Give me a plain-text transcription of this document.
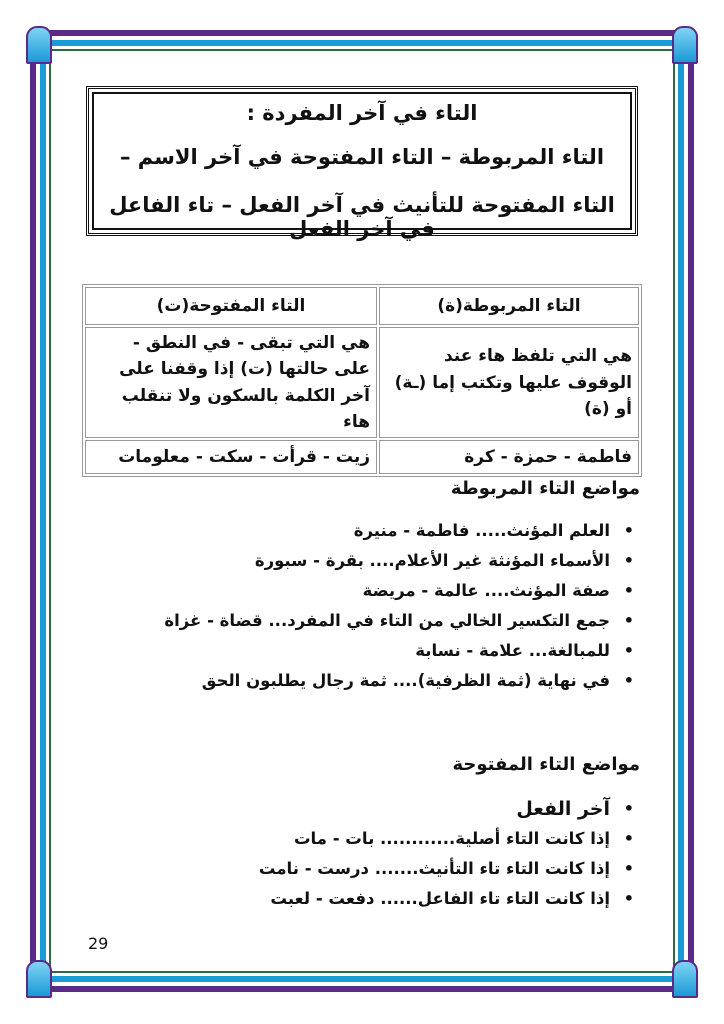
التاء في آخر المفردة :
التاء المربوطة – التاء المفتوحة في آخر الاسم –
التاء المفتوحة للتأنيث في آخر الفعل – تاء الفاعل في آخر الفعل
التاء المربوطة(ة)	التاء المفتوحة(ت)
هي التي تلفظ هاء عند الوقوف عليها وتكتب إما (ـة) أو (ة)	هي التي تبقى - في النطق - على حالتها (ت) إذا وقفنا على آخر الكلمة بالسكون ولا تنقلب هاء
فاطمة - حمزة - كرة	زيت - قرأت - سكت - معلومات
مواضع التاء المربوطة
• العلم المؤنث..... فاطمة - منيرة
• الأسماء المؤنثة غير الأعلام.... بقرة - سبورة
• صفة المؤنث.... عالمة - مريضة
• جمع التكسير الخالي من التاء في المفرد... قضاة - غزاة
• للمبالغة... علامة - نسابة
• في نهاية (ثمة الظرفية).... ثمة رجال يطلبون الحق
مواضع التاء المفتوحة
• آخر الفعل
• إذا كانت التاء أصلية............ بات - مات
• إذا كانت التاء تاء التأنيث....... درست - نامت
• إذا كانت التاء تاء الفاعل...... دفعت - لعبت
29
